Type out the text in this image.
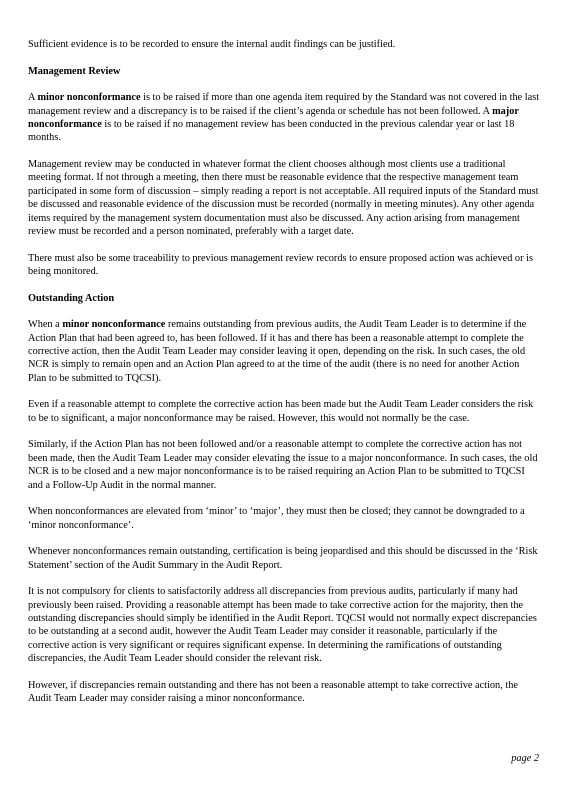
Sufficient evidence is to be recorded to ensure the internal audit findings can be justified.

Management Review

A minor nonconformance is to be raised if more than one agenda item required by the Standard was not covered in the last management review and a discrepancy is to be raised if the client’s agenda or schedule has not been followed. A major nonconformance is to be raised if no management review has been conducted in the previous calendar year or last 18 months.

Management review may be conducted in whatever format the client chooses although most clients use a traditional meeting format. If not through a meeting, then there must be reasonable evidence that the respective management team participated in some form of discussion – simply reading a report is not acceptable. All required inputs of the Standard must be discussed and reasonable evidence of the discussion must be recorded (normally in meeting minutes). Any other agenda items required by the management system documentation must also be discussed. Any action arising from management review must be recorded and a person nominated, preferably with a target date.

There must also be some traceability to previous management review records to ensure proposed action was achieved or is being monitored.

Outstanding Action

When a minor nonconformance remains outstanding from previous audits, the Audit Team Leader is to determine if the Action Plan that had been agreed to, has been followed. If it has and there has been a reasonable attempt to complete the corrective action, then the Audit Team Leader may consider leaving it open, depending on the risk. In such cases, the old NCR is simply to remain open and an Action Plan agreed to at the time of the audit (there is no need for another Action Plan to be submitted to TQCSI).

Even if a reasonable attempt to complete the corrective action has been made but the Audit Team Leader considers the risk to be to significant, a major nonconformance may be raised. However, this would not normally be the case.

Similarly, if the Action Plan has not been followed and/or a reasonable attempt to complete the corrective action has not been made, then the Audit Team Leader may consider elevating the issue to a major nonconformance. In such cases, the old NCR is to be closed and a new major nonconformance is to be raised requiring an Action Plan to be submitted to TQCSI and a Follow-Up Audit in the normal manner.

When nonconformances are elevated from ‘minor’ to ‘major’, they must then be closed; they cannot be downgraded to a ‘minor nonconformance’.

Whenever nonconformances remain outstanding, certification is being jeopardised and this should be discussed in the ‘Risk Statement’ section of the Audit Summary in the Audit Report.

It is not compulsory for clients to satisfactorily address all discrepancies from previous audits, particularly if many had previously been raised. Providing a reasonable attempt has been made to take corrective action for the majority, then the outstanding discrepancies should simply be identified in the Audit Report. TQCSI would not normally expect discrepancies to be outstanding at a second audit, however the Audit Team Leader may consider it reasonable, particularly if the corrective action is very significant or requires significant expense. In determining the ramifications of outstanding discrepancies, the Audit Team Leader should consider the relevant risk.

However, if discrepancies remain outstanding and there has not been a reasonable attempt to take corrective action, the Audit Team Leader may consider raising a minor nonconformance.

page 2
